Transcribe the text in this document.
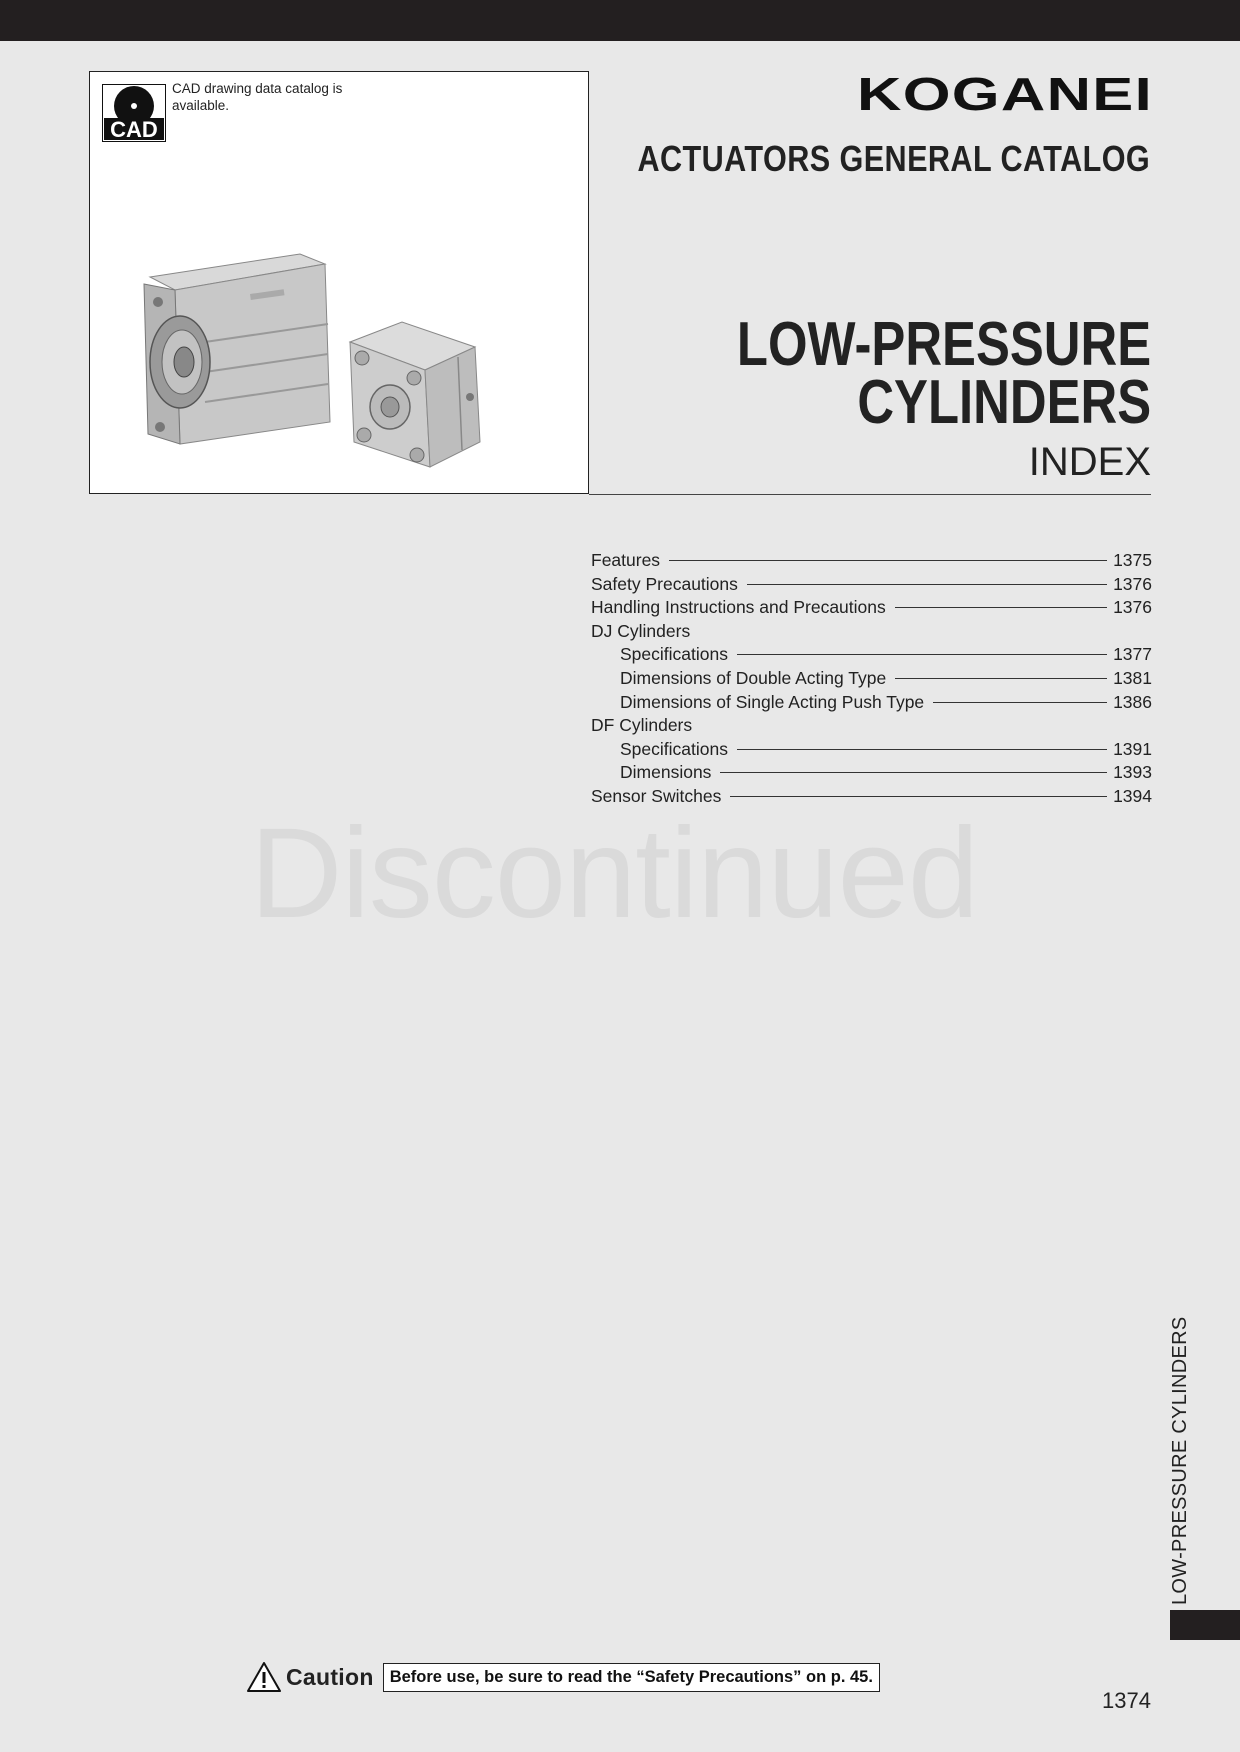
CAD
CAD drawing data catalog is available.	KOGANEI
ACTUATORS GENERAL CATALOG
LOW-PRESSURE
CYLINDERS
INDEX
Features	1375
Safety Precautions	1376
Handling Instructions and Precautions	1376
DJ Cylinders
Specifications	1377
Dimensions of Double Acting Type	1381
Dimensions of Single Acting Push Type	1386
DF Cylinders
Specifications	1391
Dimensions	1393
Sensor Switches	1394
Discontinued
LOW-PRESSURE CYLINDERS
Caution Before use, be sure to read the “Safety Precautions” on p. 45.
1374
